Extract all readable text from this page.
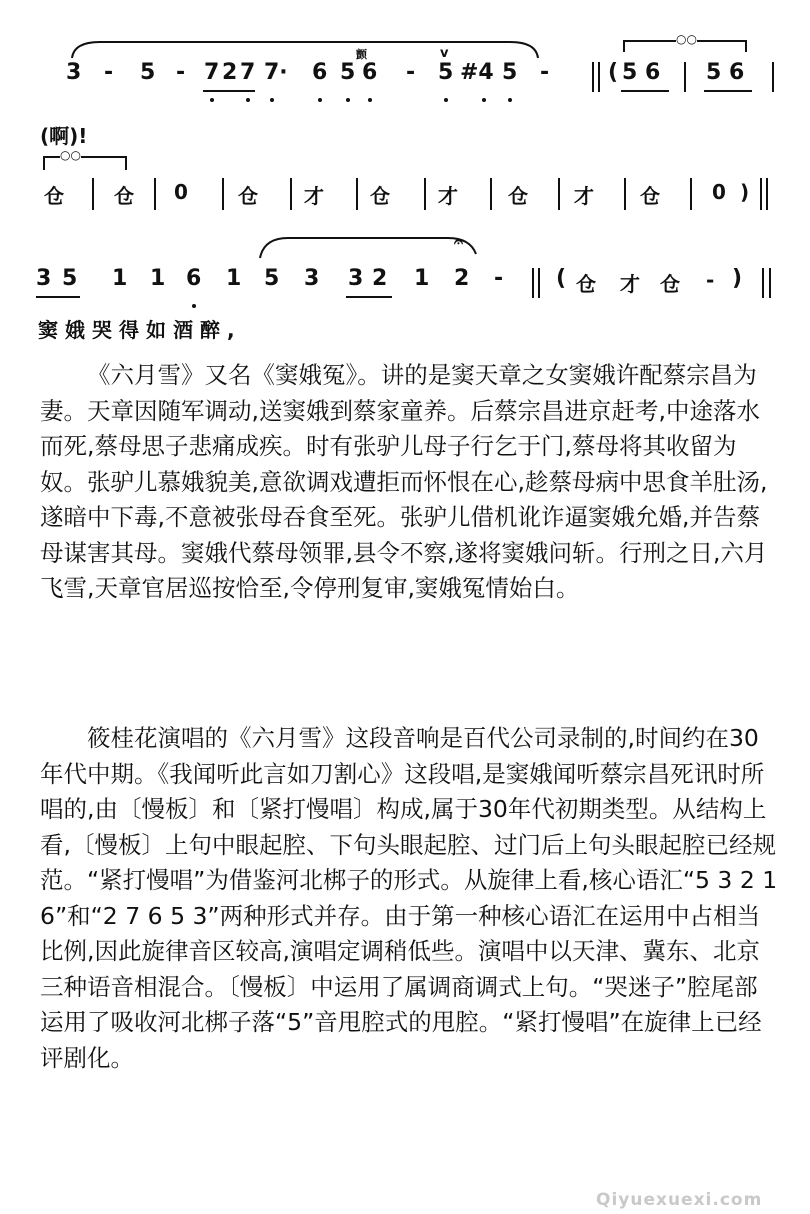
3 - 5 - 7 2 7 7· 6 5
颤
6 -
v
5 #4 5 -	( 5 6 5 6
○○
(啊)!
○○
仓	仓 0	仓 才 仓 才	仓 才 仓	0 )
𝄐
3 5 1 1 6 1 5 3 3 2 1 2 - ( 仓 才 仓 - )
窦娥哭得如酒醉,

《六月雪》又名《窦娥冤》。讲的是窦天章之女窦娥许配蔡宗昌为妻。天章因随军调动,送窦娥到蔡家童养。后蔡宗昌进京赶考,中途落水而死,蔡母思子悲痛成疾。时有张驴儿母子行乞于门,蔡母将其收留为奴。张驴儿慕娥貌美,意欲调戏遭拒而怀恨在心,趁蔡母病中思食羊肚汤,遂暗中下毒,不意被张母吞食至死。张驴儿借机讹诈逼窦娥允婚,并告蔡母谋害其母。窦娥代蔡母领罪,县令不察,遂将窦娥问斩。行刑之日,六月飞雪,天章官居巡按恰至,令停刑复审,窦娥冤情始白。

筱桂花演唱的《六月雪》这段音响是百代公司录制的,时间约在30年代中期。《我闻听此言如刀割心》这段唱,是窦娥闻听蔡宗昌死讯时所唱的,由〔慢板〕和〔紧打慢唱〕构成,属于30年代初期类型。从结构上看,〔慢板〕上句中眼起腔、下句头眼起腔、过门后上句头眼起腔已经规范。“紧打慢唱”为借鉴河北梆子的形式。从旋律上看,核心语汇“5 3 2 1 6”和“2 7 6 5 3”两种形式并存。由于第一种核心语汇在运用中占相当比例,因此旋律音区较高,演唱定调稍低些。演唱中以天津、冀东、北京三种语音相混合。〔慢板〕中运用了属调商调式上句。“哭迷子”腔尾部运用了吸收河北梆子落“5”音甩腔式的甩腔。“紧打慢唱”在旋律上已经评剧化。

Qiyuexuexi.com
